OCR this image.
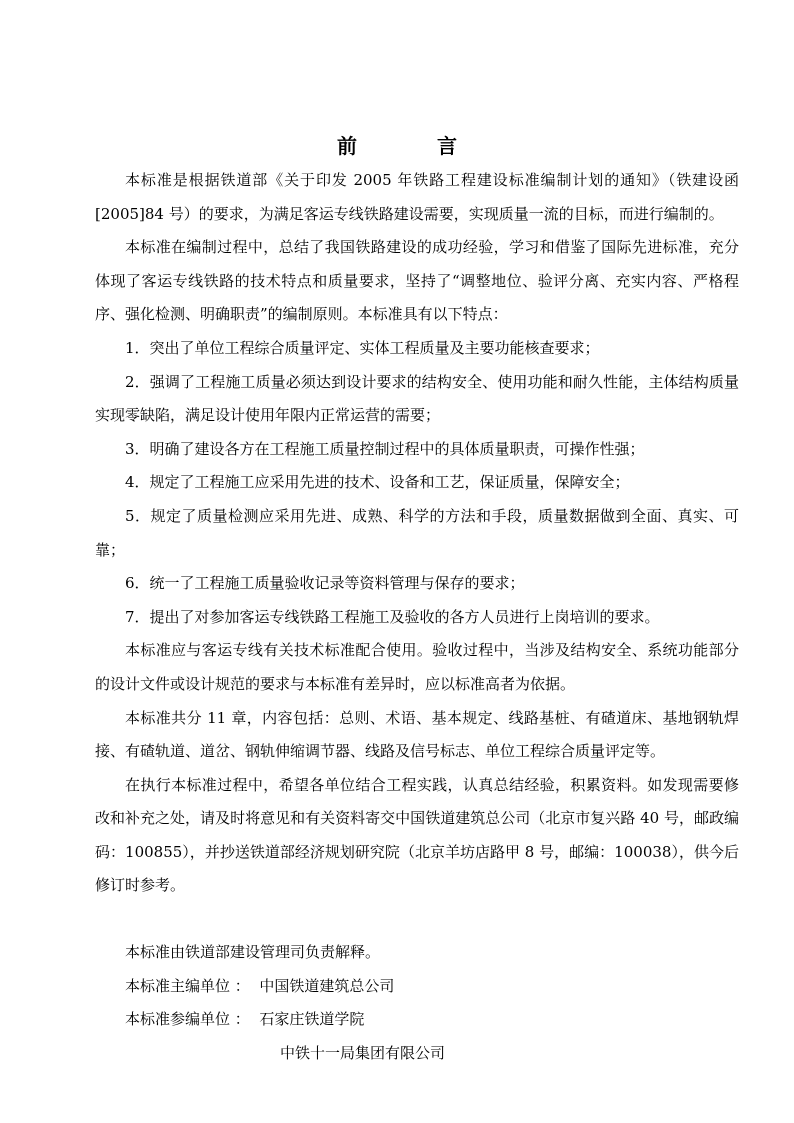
前　言

本标准是根据铁道部《关于印发 2005 年铁路工程建设标准编制计划的通知》（铁建设函[2005]84 号）的要求，为满足客运专线铁路建设需要，实现质量一流的目标，而进行编制的。

本标准在编制过程中，总结了我国铁路建设的成功经验，学习和借鉴了国际先进标准，充分体现了客运专线铁路的技术特点和质量要求，坚持了“调整地位、验评分离、充实内容、严格程序、强化检测、明确职责”的编制原则。本标准具有以下特点：

1．突出了单位工程综合质量评定、实体工程质量及主要功能核查要求；

2．强调了工程施工质量必须达到设计要求的结构安全、使用功能和耐久性能，主体结构质量实现零缺陷，满足设计使用年限内正常运营的需要；

3．明确了建设各方在工程施工质量控制过程中的具体质量职责，可操作性强；

4．规定了工程施工应采用先进的技术、设备和工艺，保证质量，保障安全；

5．规定了质量检测应采用先进、成熟、科学的方法和手段，质量数据做到全面、真实、可靠；

6．统一了工程施工质量验收记录等资料管理与保存的要求；

7．提出了对参加客运专线铁路工程施工及验收的各方人员进行上岗培训的要求。

本标准应与客运专线有关技术标准配合使用。验收过程中，当涉及结构安全、系统功能部分的设计文件或设计规范的要求与本标准有差异时，应以标准高者为依据。

本标准共分 11 章，内容包括：总则、术语、基本规定、线路基桩、有碴道床、基地钢轨焊接、有碴轨道、道岔、钢轨伸缩调节器、线路及信号标志、单位工程综合质量评定等。

在执行本标准过程中，希望各单位结合工程实践，认真总结经验，积累资料。如发现需要修改和补充之处，请及时将意见和有关资料寄交中国铁道建筑总公司（北京市复兴路 40 号，邮政编码：100855），并抄送铁道部经济规划研究院（北京羊坊店路甲 8 号，邮编：100038），供今后修订时参考。

本标准由铁道部建设管理司负责解释。

本标准主编单位 ： 中国铁道建筑总公司

本标准参编单位 ： 石家庄铁道学院

中铁十一局集团有限公司
